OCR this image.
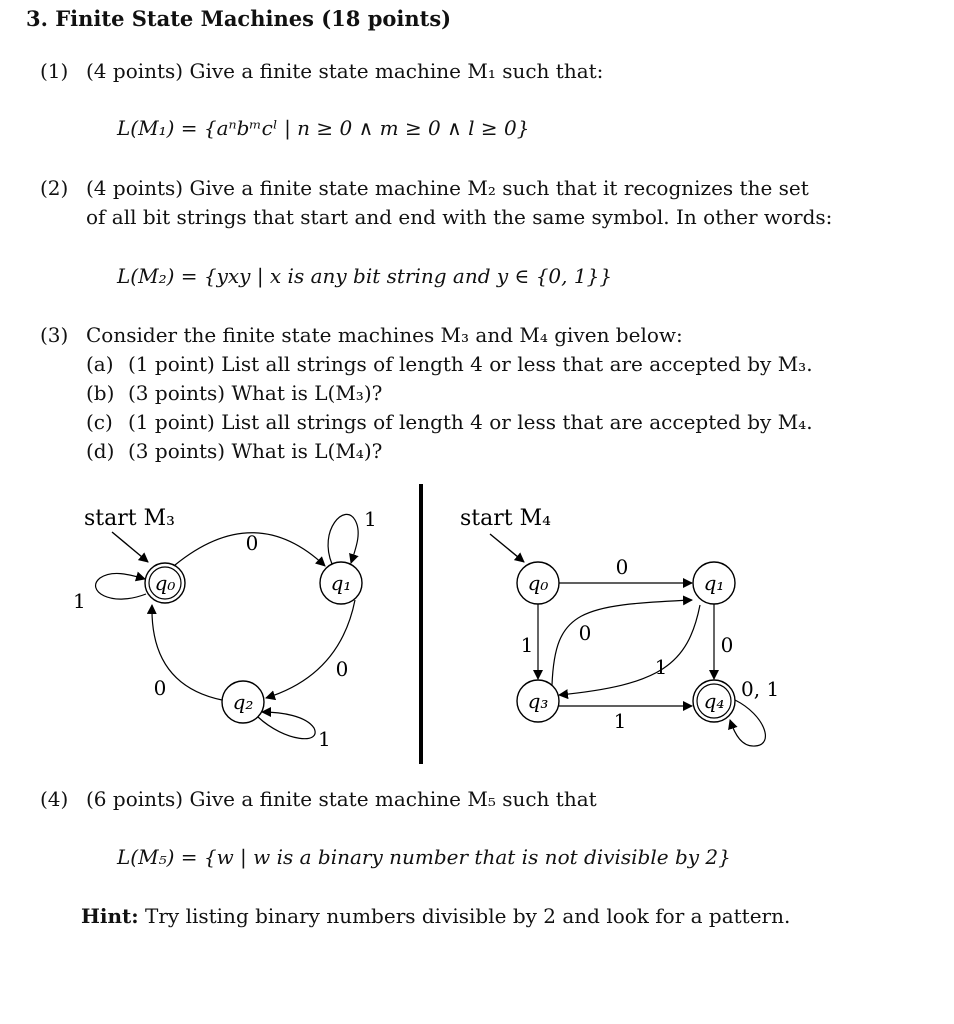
3. Finite State Machines (18 points)
(1) (4 points) Give a finite state machine M₁ such that:
L(M₁) = {aⁿbᵐcˡ | n ≥ 0 ∧ m ≥ 0 ∧ l ≥ 0}
(2) (4 points) Give a finite state machine M₂ such that it recognizes the set
of all bit strings that start and end with the same symbol. In other words:
L(M₂) = {yxy | x is any bit string and y ∈ {0, 1}}
(3) Consider the finite state machines M₃ and M₄ given below:
(a) (1 point) List all strings of length 4 or less that are accepted by M₃.
(b) (3 points) What is L(M₃)?
(c) (1 point) List all strings of length 4 or less that are accepted by M₄.
(d) (3 points) What is L(M₄)?
start M₃
q₀	q₁
q₂
0
1
0
1
0
1
start M₄
q₀	q₁
q₃	q₄
0
1 0	0
1
1
0, 1
(4) (6 points) Give a finite state machine M₅ such that
L(M₅) = {w | w is a binary number that is not divisible by 2}
Hint: Try listing binary numbers divisible by 2 and look for a pattern.
